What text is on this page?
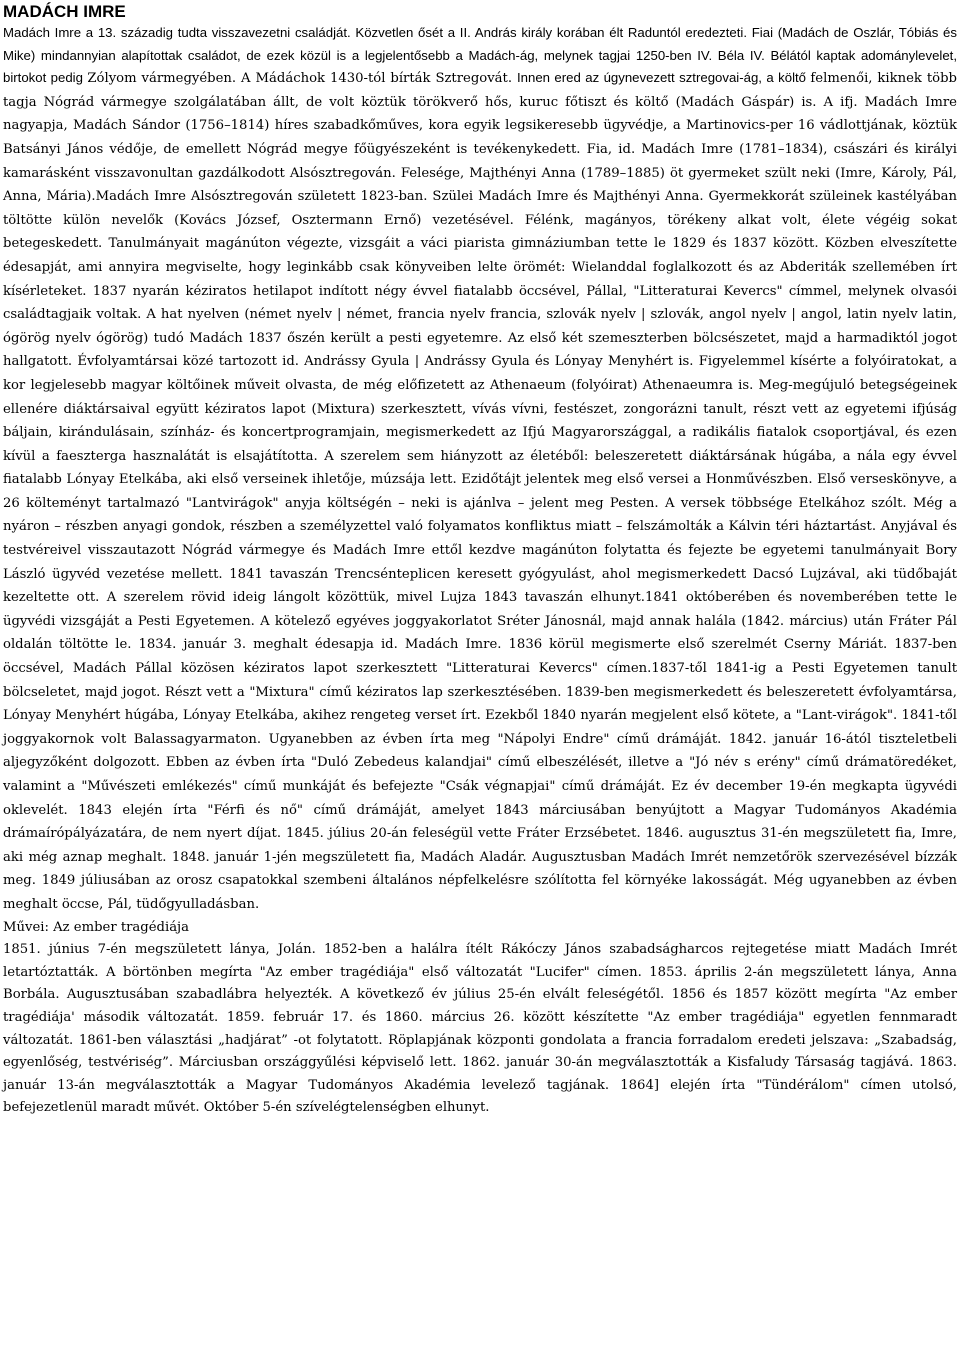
MADÁCH IMRE

Madách Imre a 13. századig tudta visszavezetni családját. Közvetlen ősét a II. András király korában élt Raduntól eredezteti. Fiai (Madách de Oszlár, Tóbiás és Mike) mindannyian alapítottak családot, de ezek közül is a legjelentősebb a Madách-ág, melynek tagjai 1250-ben IV. Béla IV. Bélától kaptak adománylevelet, birtokot pedig Zólyom vármegyében. A Mádáchok 1430-tól bírták Sztregovát. Innen ered az úgynevezett sztregovai-ág, a költő felmenői, kiknek több tagja Nógrád vármegye szolgálatában állt, de volt köztük törökverő hős, kuruc főtiszt és költő (Madách Gáspár) is. A ifj. Madách Imre nagyapja, Madách Sándor (1756–1814) híres szabadkőműves, kora egyik legsikeresebb ügyvédje, a Martinovics-per 16 vádlottjának, köztük Batsányi János védője, de emellett Nógrád megye főügyészeként is tevékenykedett. Fia, id. Madách Imre (1781–1834), császári és királyi kamarásként visszavonultan gazdálkodott Alsósztregován. Felesége, Majthényi Anna (1789–1885) öt gyermeket szült neki (Imre, Károly, Pál, Anna, Mária).Madách Imre Alsósztregován született 1823-ban. Szülei Madách Imre és Majthényi Anna. Gyermekkorát szüleinek kastélyában töltötte külön nevelők (Kovács József, Osztermann Ernő) vezetésével. Félénk, magányos, törékeny alkat volt, élete végéig sokat betegeskedett. Tanulmányait magánúton végezte, vizsgáit a váci piarista gimnáziumban tette le 1829 és 1837 között. Közben elveszítette édesapját, ami annyira megviselte, hogy leginkább csak könyveiben lelte örömét: Wielanddal foglalkozott és az Abderiták szellemében írt kísérleteket. 1837 nyarán kéziratos hetilapot indított négy évvel fiatalabb öccsével, Pállal, "Litteraturai Kevercs" címmel, melynek olvasói családtagjaik voltak. A hat nyelven (német nyelv | német, francia nyelv francia, szlovák nyelv | szlovák, angol nyelv | angol, latin nyelv latin, ógörög nyelv ógörög) tudó Madách 1837 őszén került a pesti egyetemre. Az első két szemeszterben bölcsészetet, majd a harmadiktól jogot hallgatott. Évfolyamtársai közé tartozott id. Andrássy Gyula | Andrássy Gyula és Lónyay Menyhért is. Figyelemmel kísérte a folyóiratokat, a kor legjelesebb magyar költőinek műveit olvasta, de még előfizetett az Athenaeum (folyóirat) Athenaeumra is. Meg-megújuló betegségeinek ellenére diáktársaival együtt kéziratos lapot (Mixtura) szerkesztett, vívás vívni, festészet, zongorázni tanult, részt vett az egyetemi ifjúság báljain, kirándulásain, színház- és koncertprogramjain, megismerkedett az Ifjú Magyarországgal, a radikális fiatalok csoportjával, és ezen kívül a faesztergа hasznalátát is elsajátította. A szerelem sem hiányzott az életéből: beleszeretett diáktársának húgába, a nála egy évvel fiatalabb Lónyay Etelkába, aki első verseinek ihletője, múzsája lett. Ezidőtájt jelentek meg első versei a Honművészben. Első verseskönyve, a 26 költeményt tartalmazó "Lantvirágok" anyja költségén – neki is ajánlva – jelent meg Pesten. A versek többsége Etelkához szólt. Még a nyáron – részben anyagi gondok, részben a személyzettel való folyamatos konfliktus miatt – felszámolták a Kálvin téri háztartást. Anyjával és testvéreivel visszautazott Nógrád vármegye és Madách Imre ettől kezdve magánúton folytatta és fejezte be egyetemi tanulmányait Bory László ügyvéd vezetése mellett. 1841 tavaszán Trencsénteplicen keresett gyógyulást, ahol megismerkedett Dacsó Lujzával, aki tüdőbaját kezeltette ott. A szerelem rövid ideig lángolt közöttük, mivel Lujza 1843 tavaszán elhunyt.1841 októberében és novemberében tette le ügyvédi vizsgáját a Pesti Egyetemen. A kötelező egyéves joggyakorlatot Sréter Jánosnál, majd annak halála (1842. március) után Fráter Pál oldalán töltötte le. 1834. január 3. meghalt édesapja id. Madách Imre. 1836 körül megismerte első szerelmét Cserny Máriát. 1837-ben öccsével, Madách Pállal közösen kéziratos lapot szerkesztett "Litteraturai Kevercs" címen.1837-től 1841-ig a Pesti Egyetemen tanult bölcseletet, majd jogot. Részt vett a "Mixtura" című kéziratos lap szerkesztésében. 1839-ben megismerkedett és beleszeretett évfolyamtársa, Lónyay Menyhért húgába, Lónyay Etelkába, akihez rengeteg verset írt. Ezekből 1840 nyarán megjelent első kötete, a "Lant-virágok". 1841-től joggyakornok volt Balassagyarmaton. Ugyanebben az évben írta meg "Nápolyi Endre" című drámáját. 1842. január 16-ától tiszteletbeli aljegyzőként dolgozott. Ebben az évben írta "Duló Zebedeus kalandjai" című elbeszélését, illetve a "Jó név s erény" című drámatöredéket, valamint a "Művészeti emlékezés" című munkáját és befejezte "Csák végnapjai" című drámáját. Ez év december 19-én megkapta ügyvédi oklevelét. 1843 elején írta "Férfi és nő" című drámáját, amelyet 1843 márciusában benyújtott a Magyar Tudományos Akadémia drámaírópályázatára, de nem nyert díjat. 1845. július 20-án feleségül vette Fráter Erzsébetet. 1846. augusztus 31-én megszületett fia, Imre, aki még aznap meghalt. 1848. január 1-jén megszületett fia, Madách Aladár. Augusztusban Madách Imrét nemzetőrök szervezésével bízzák meg. 1849 júliusában az orosz csapatokkal szembeni általános népfelkelésre szólította fel környéke lakosságát. Még ugyanebben az évben meghalt öccse, Pál, tüdőgyulladásban.

Művei: Az ember tragédiája

1851. június 7-én megszületett lánya, Jolán. 1852-ben a halálra ítélt Rákóczy János szabadságharcos rejtegetése miatt Madách Imrét letartóztatták. A börtönben megírta "Az ember tragédiája" első változatát "Lucifer" címen. 1853. április 2-án megszületett lánya, Anna Borbála. Augusztusában szabadlábra helyezték. A következő év július 25-én elvált feleségétől. 1856 és 1857 között megírta "Az ember tragédiája' második változatát. 1859. február 17. és 1860. március 26. között készítette "Az ember tragédiája" egyetlen fennmaradt változatát. 1861-ben választási „hadjárat” -ot folytatott. Röplapjának központi gondolata a francia forradalom eredeti jelszava: „Szabadság, egyenlőség, testvériség”. Márciusban országgyűlési képviselő lett. 1862. január 30-án megválasztották a Kisfaludy Társaság tagjává. 1863. január 13-án megválasztották a Magyar Tudományos Akadémia levelező tagjának. 1864] elején írta "Tündérálom" címen utolsó, befejezetlenül maradt művét. Október 5-én szívelégtelenségben elhunyt.
